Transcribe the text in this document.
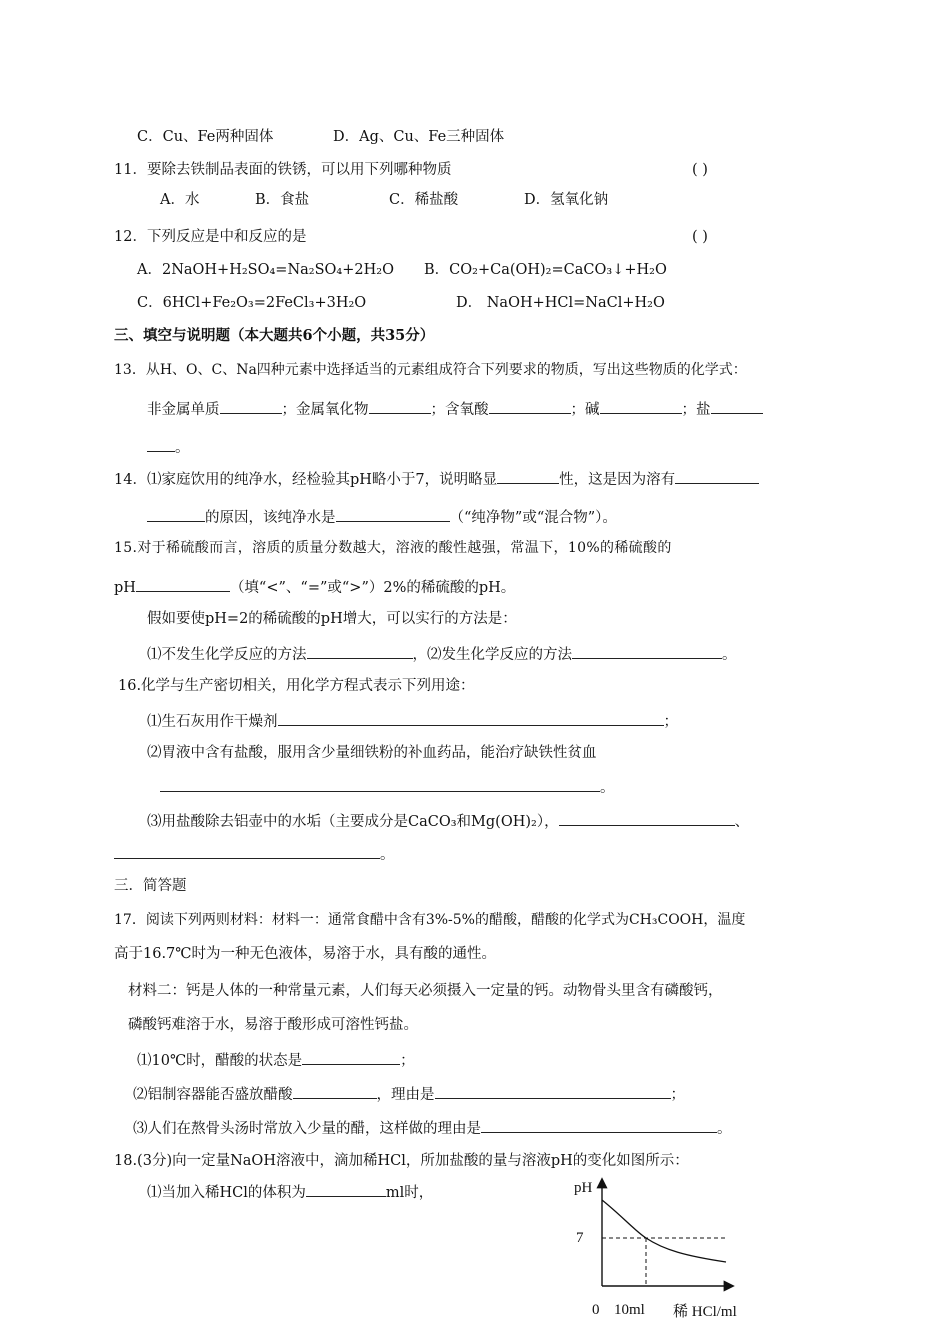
C．Cu、Fe两种固体	D．Ag、Cu、Fe三种固体
11．要除去铁制品表面的铁锈，可以用下列哪种物质	( )
A．水	B．食盐	C．稀盐酸	D．氢氧化钠
12．下列反应是中和反应的是	( )
A．2NaOH+H₂SO₄=Na₂SO₄+2H₂O B．CO₂+Ca(OH)₂=CaCO₃↓+H₂O
C．6HCl+Fe₂O₃=2FeCl₃+3H₂O	D． NaOH+HCl=NaCl+H₂O
三、填空与说明题（本大题共6个小题，共35分）
13．从H、O、C、Na四种元素中选择适当的元素组成符合下列要求的物质，写出这些物质的化学式：
非金属单质	；金属氧化物	；含氧酸	；碱	；盐
。
14．⑴家庭饮用的纯净水，经检验其pH略小于7，说明略显	性，这是因为溶有
的原因，该纯净水是	（“纯净物”或“混合物”）。
15.对于稀硫酸而言，溶质的质量分数越大，溶液的酸性越强，常温下，10%的稀硫酸的
pH	（填“<”、“=”或“>”）2%的稀硫酸的pH。
假如要使pH=2的稀硫酸的pH增大，可以实行的方法是：
⑴不发生化学反应的方法	，⑵发生化学反应的方法	。
16.化学与生产密切相关，用化学方程式表示下列用途：
⑴生石灰用作干燥剂	；
⑵胃液中含有盐酸，服用含少量细铁粉的补血药品，能治疗缺铁性贫血
。
⑶用盐酸除去铝壶中的水垢（主要成分是CaCO₃和Mg(OH)₂），	、
。
三．简答题
17．阅读下列两则材料：材料一：通常食醋中含有3%-5%的醋酸，醋酸的化学式为CH₃COOH，温度
高于16.7℃时为一种无色液体，易溶于水，具有酸的通性。
材料二：钙是人体的一种常量元素，人们每天必须摄入一定量的钙。动物骨头里含有磷酸钙，
磷酸钙难溶于水，易溶于酸形成可溶性钙盐。
⑴10℃时，醋酸的状态是	；
⑵铝制容器能否盛放醋酸	，理由是	；
⑶人们在熬骨头汤时常放入少量的醋，这样做的理由是	。
18.(3分)向一定量NaOH溶液中，滴加稀HCl，所加盐酸的量与溶液pH的变化如图所示：
⑴当加入稀HCl的体积为	ml时，	pH
7
0 10ml 稀 HCl/ml
